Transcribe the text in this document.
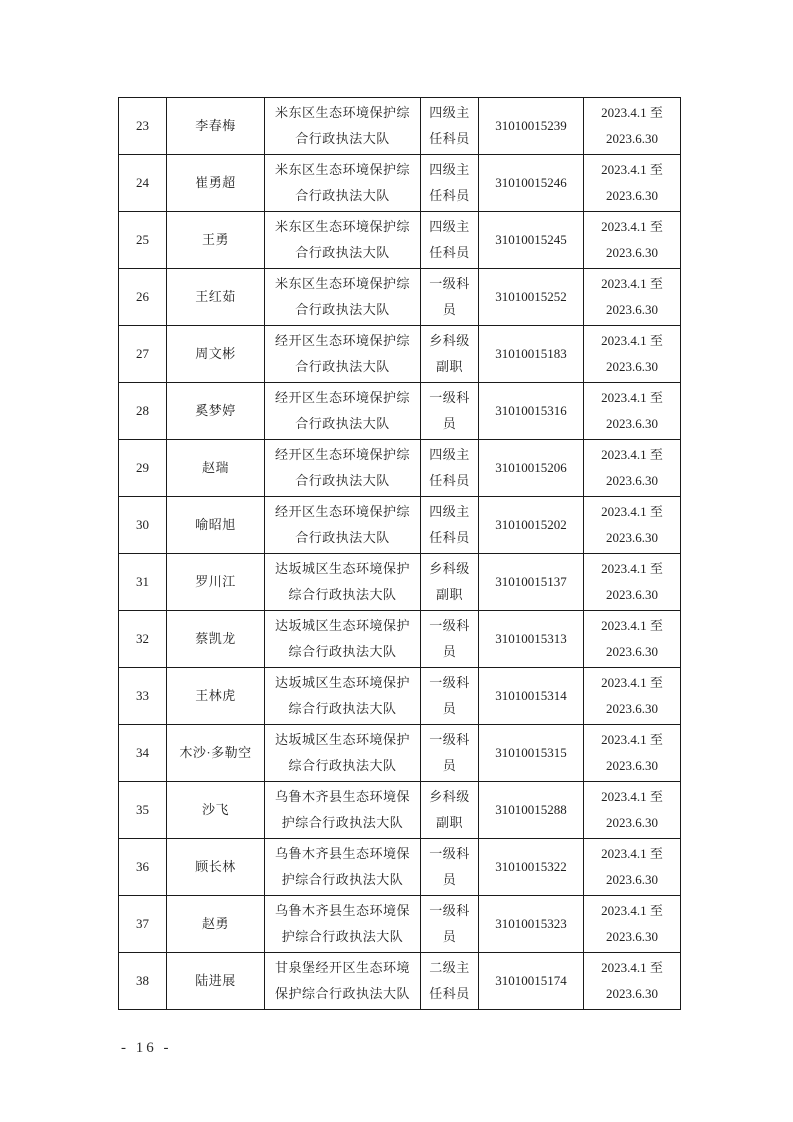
23	李春梅	米东区生态环境保护综合行政执法大队	四级主任科员	31010015239	2023.4.1 至 2023.6.30
24	崔勇超	米东区生态环境保护综合行政执法大队	四级主任科员	31010015246	2023.4.1 至 2023.6.30
25	王勇	米东区生态环境保护综合行政执法大队	四级主任科员	31010015245	2023.4.1 至 2023.6.30
26	王红茹	米东区生态环境保护综合行政执法大队	一级科员	31010015252	2023.4.1 至 2023.6.30
27	周文彬	经开区生态环境保护综合行政执法大队	乡科级副职	31010015183	2023.4.1 至 2023.6.30
28	奚梦婷	经开区生态环境保护综合行政执法大队	一级科员	31010015316	2023.4.1 至 2023.6.30
29	赵瑞	经开区生态环境保护综合行政执法大队	四级主任科员	31010015206	2023.4.1 至 2023.6.30
30	喻昭旭	经开区生态环境保护综合行政执法大队	四级主任科员	31010015202	2023.4.1 至 2023.6.30
31	罗川江	达坂城区生态环境保护综合行政执法大队	乡科级副职	31010015137	2023.4.1 至 2023.6.30
32	蔡凯龙	达坂城区生态环境保护综合行政执法大队	一级科员	31010015313	2023.4.1 至 2023.6.30
33	王林虎	达坂城区生态环境保护综合行政执法大队	一级科员	31010015314	2023.4.1 至 2023.6.30
34	木沙·多勒空	达坂城区生态环境保护综合行政执法大队	一级科员	31010015315	2023.4.1 至 2023.6.30
35	沙飞	乌鲁木齐县生态环境保护综合行政执法大队	乡科级副职	31010015288	2023.4.1 至 2023.6.30
36	顾长林	乌鲁木齐县生态环境保护综合行政执法大队	一级科员	31010015322	2023.4.1 至 2023.6.30
37	赵勇	乌鲁木齐县生态环境保护综合行政执法大队	一级科员	31010015323	2023.4.1 至 2023.6.30
38	陆进展	甘泉堡经开区生态环境保护综合行政执法大队	二级主任科员	31010015174	2023.4.1 至 2023.6.30
- 16 -
